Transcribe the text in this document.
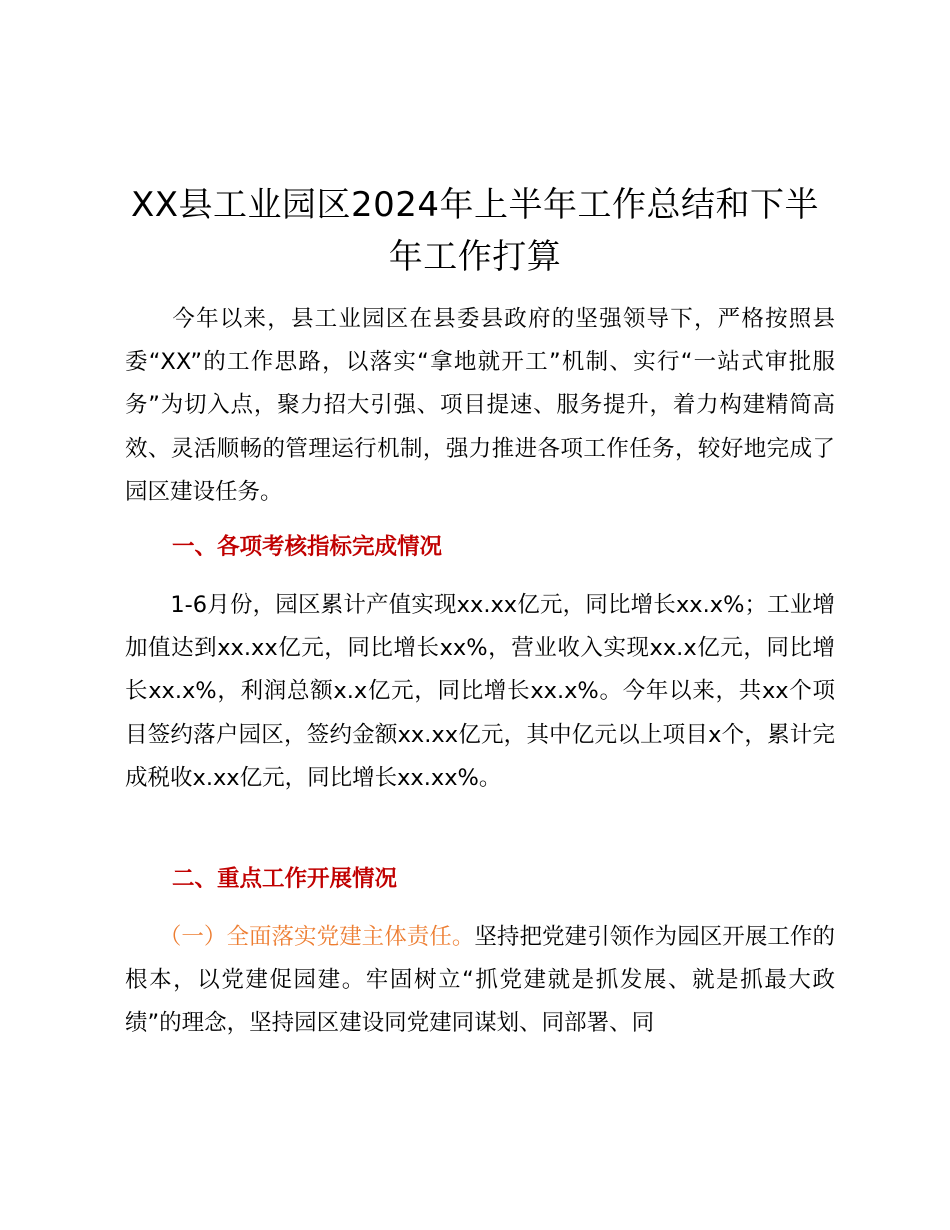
XX县工业园区2024年上半年工作总结和下半
年工作打算

　　今年以来，县工业园区在县委县政府的坚强领导下，严格按照县委“XX”的工作思路，以落实“拿地就开工”机制、实行“一站式审批服务”为切入点，聚力招大引强、项目提速、服务提升，着力构建精简高效、灵活顺畅的管理运行机制，强力推进各项工作任务，较好地完成了园区建设任务。

一、各项考核指标完成情况

　　1-6月份，园区累计产值实现xx.xx亿元，同比增长xx.x%；工业增加值达到xx.xx亿元，同比增长xx%，营业收入实现xx.x亿元，同比增长xx.x%，利润总额x.x亿元，同比增长xx.x%。今年以来，共xx个项目签约落户园区，签约金额xx.xx亿元，其中亿元以上项目x个，累计完成税收x.xx亿元，同比增长xx.xx%。

二、重点工作开展情况

　　（一）全面落实党建主体责任。坚持把党建引领作为园区开展工作的根本，以党建促园建。牢固树立“抓党建就是抓发展、就是抓最大政绩”的理念，坚持园区建设同党建同谋划、同部署、同
